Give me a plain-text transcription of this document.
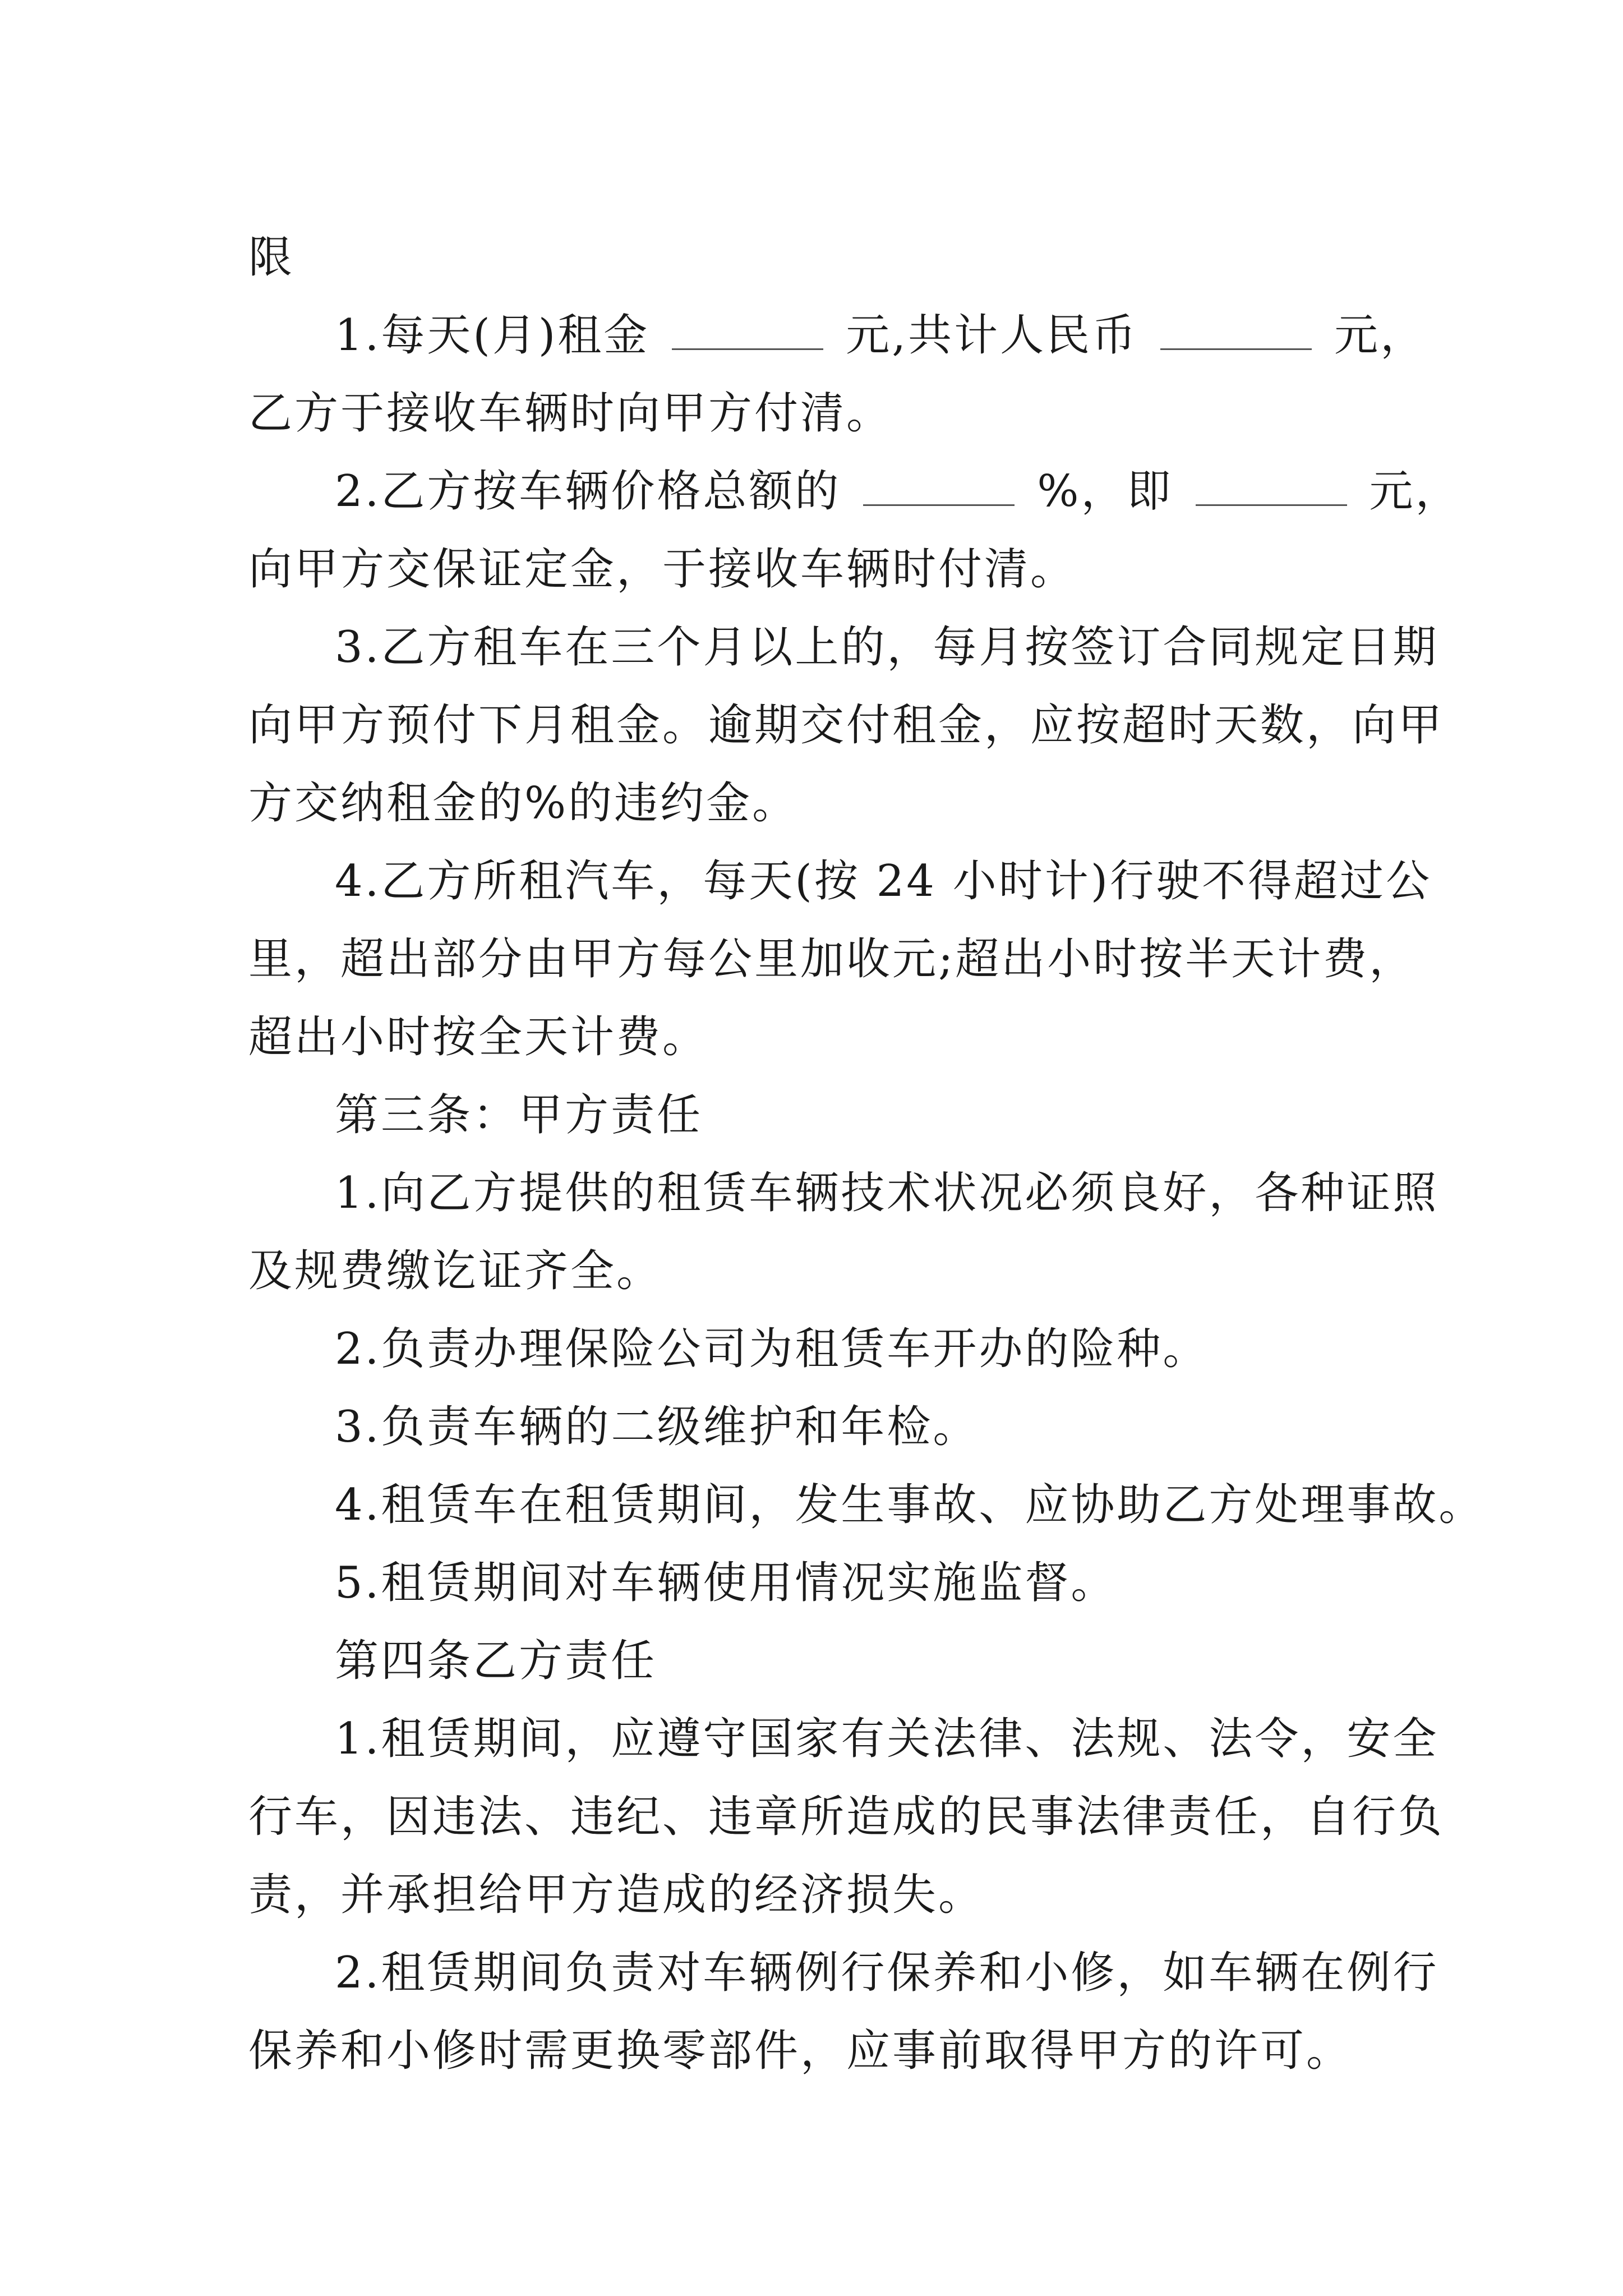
限
1.每天(月)租金	元,共计人民币	元，
乙方于接收车辆时向甲方付清。
2.乙方按车辆价格总额的	%，即	元，
向甲方交保证定金，于接收车辆时付清。
3.乙方租车在三个月以上的，每月按签订合同规定日期
向甲方预付下月租金。逾期交付租金，应按超时天数，向甲
方交纳租金的%的违约金。
4.乙方所租汽车，每天(按 24 小时计)行驶不得超过公
里，超出部分由甲方每公里加收元;超出小时按半天计费，
超出小时按全天计费。
第三条：甲方责任
1.向乙方提供的租赁车辆技术状况必须良好，各种证照
及规费缴讫证齐全。
2.负责办理保险公司为租赁车开办的险种。
3.负责车辆的二级维护和年检。
4.租赁车在租赁期间，发生事故、应协助乙方处理事故。
5.租赁期间对车辆使用情况实施监督。
第四条乙方责任
1.租赁期间，应遵守国家有关法律、法规、法令，安全
行车，因违法、违纪、违章所造成的民事法律责任，自行负
责，并承担给甲方造成的经济损失。
2.租赁期间负责对车辆例行保养和小修，如车辆在例行
保养和小修时需更换零部件，应事前取得甲方的许可。
